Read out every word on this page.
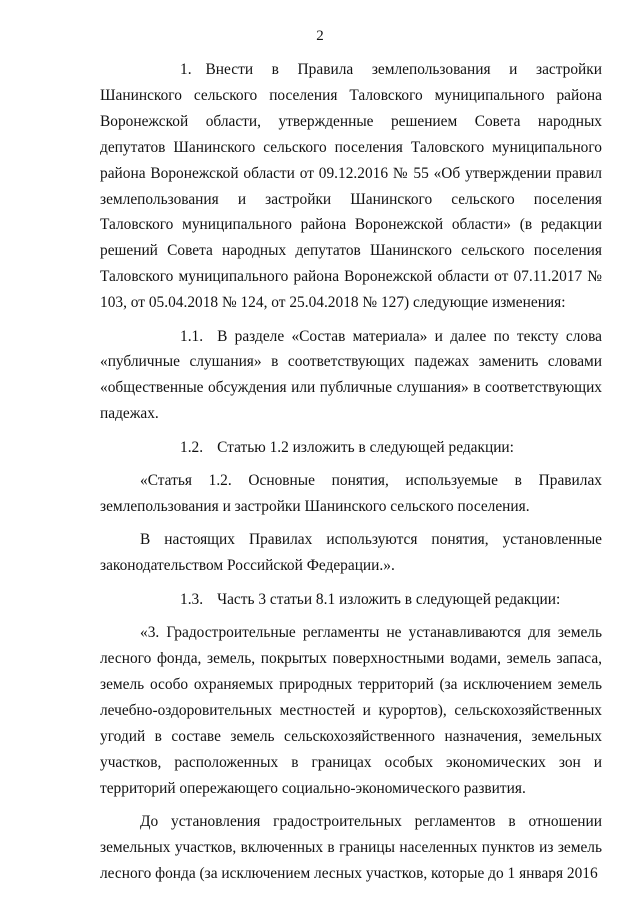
2

1. Внести в Правила землепользования и застройки Шанинского сельского поселения Таловского муниципального района Воронежской области, утвержденные решением Совета народных депутатов Шанинского сельского поселения Таловского муниципального района Воронежской области от 09.12.2016 № 55 «Об утверждении правил землепользования и застройки Шанинского сельского поселения Таловского муниципального района Воронежской области» (в редакции решений Совета народных депутатов Шанинского сельского поселения Таловского муниципального района Воронежской области от 07.11.2017 № 103, от 05.04.2018 № 124, от 25.04.2018 № 127) следующие изменения:

1.1. В разделе «Состав материала» и далее по тексту слова «публичные слушания» в соответствующих падежах заменить словами «общественные обсуждения или публичные слушания» в соответствующих падежах.

1.2. Статью 1.2 изложить в следующей редакции:

«Статья 1.2. Основные понятия, используемые в Правилах землепользования и застройки Шанинского сельского поселения.

В настоящих Правилах используются понятия, установленные законодательством Российской Федерации.».

1.3. Часть 3 статьи 8.1 изложить в следующей редакции:

«3. Градостроительные регламенты не устанавливаются для земель лесного фонда, земель, покрытых поверхностными водами, земель запаса, земель особо охраняемых природных территорий (за исключением земель лечебно-оздоровительных местностей и курортов), сельскохозяйственных угодий в составе земель сельскохозяйственного назначения, земельных участков, расположенных в границах особых экономических зон и территорий опережающего социально-экономического развития.

До установления градостроительных регламентов в отношении земельных участков, включенных в границы населенных пунктов из земель лесного фонда (за исключением лесных участков, которые до 1 января 2016
